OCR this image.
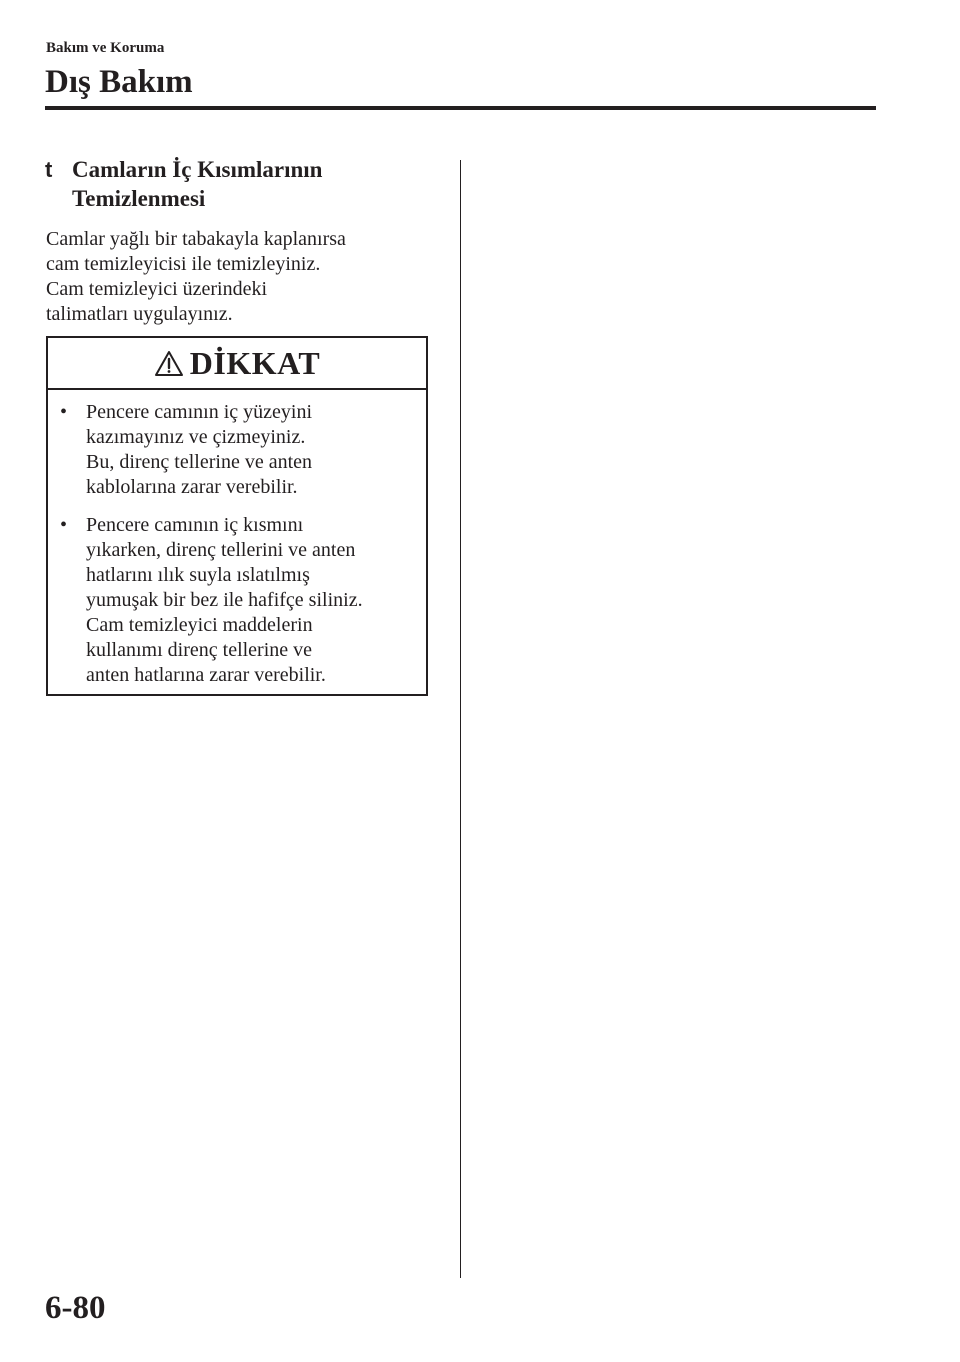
Bakım ve Koruma
Dış Bakım
t Camların İç Kısımlarının
Temizlenmesi
Camlar yağlı bir tabakayla kaplanırsa
cam temizleyicisi ile temizleyiniz.
Cam temizleyici üzerindeki
talimatları uygulayınız.
DİKKAT
• Pencere camının iç yüzeyini
kazımayınız ve çizmeyiniz.
Bu, direnç tellerine ve anten
kablolarına zarar verebilir.
• Pencere camının iç kısmını
yıkarken, direnç tellerini ve anten
hatlarını ılık suyla ıslatılmış
yumuşak bir bez ile hafifçe siliniz.
Cam temizleyici maddelerin
kullanımı direnç tellerine ve
anten hatlarına zarar verebilir.
6-80
